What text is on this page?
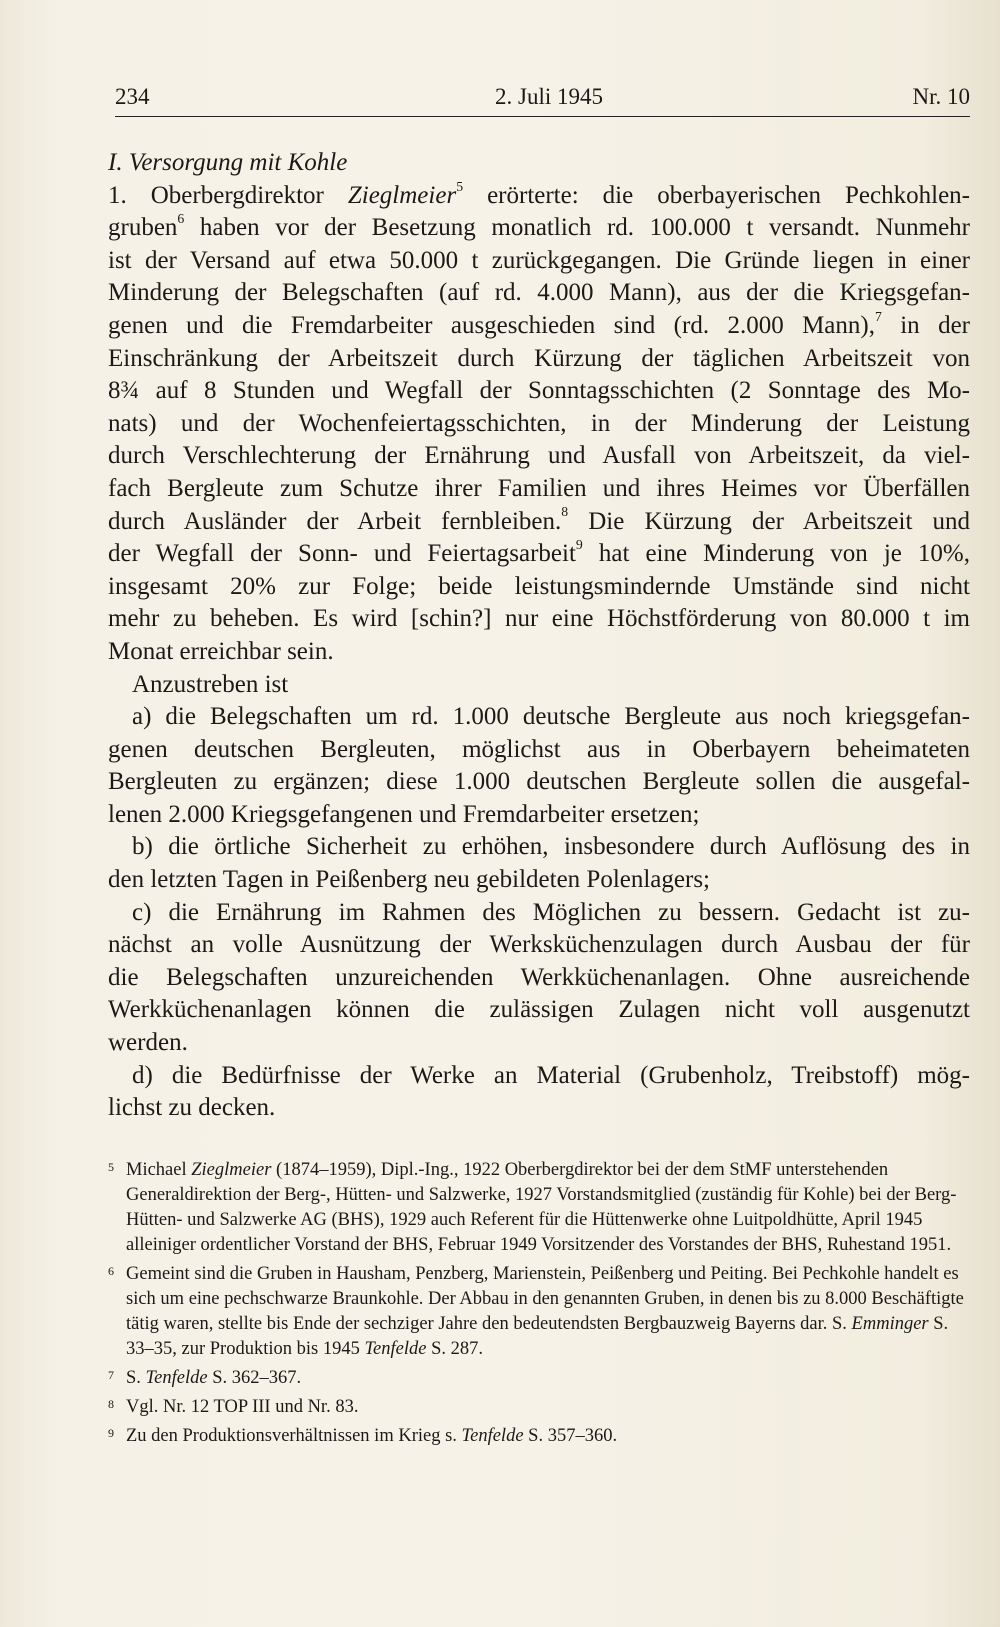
234	2. Juli 1945	Nr. 10
I. Versorgung mit Kohle
1. Oberbergdirektor Zieglmeier$^5$ erörterte: die oberbayerischen Pechkohlen-
gruben$^6$ haben vor der Besetzung monatlich rd. 100.000 t versandt. Nunmehr
ist der Versand auf etwa 50.000 t zurückgegangen. Die Gründe liegen in einer
Minderung der Belegschaften (auf rd. 4.000 Mann), aus der die Kriegsgefan-
genen und die Fremdarbeiter ausgeschieden sind (rd. 2.000 Mann),$^7$ in der
Einschränkung der Arbeitszeit durch Kürzung der täglichen Arbeitszeit von
8¾ auf 8 Stunden und Wegfall der Sonntagsschichten (2 Sonntage des Mo-
nats) und der Wochenfeiertagsschichten, in der Minderung der Leistung
durch Verschlechterung der Ernährung und Ausfall von Arbeitszeit, da viel-
fach Bergleute zum Schutze ihrer Familien und ihres Heimes vor Überfällen
durch Ausländer der Arbeit fernbleiben.$^8$ Die Kürzung der Arbeitszeit und
der Wegfall der Sonn- und Feiertagsarbeit$^9$ hat eine Minderung von je 10%,
insgesamt 20% zur Folge; beide leistungsmindernde Umstände sind nicht
mehr zu beheben. Es wird [schin?] nur eine Höchstförderung von 80.000 t im
Monat erreichbar sein.
Anzustreben ist
a) die Belegschaften um rd. 1.000 deutsche Bergleute aus noch kriegsgefan-
genen deutschen Bergleuten, möglichst aus in Oberbayern beheimateten
Bergleuten zu ergänzen; diese 1.000 deutschen Bergleute sollen die ausgefal-
lenen 2.000 Kriegsgefangenen und Fremdarbeiter ersetzen;
b) die örtliche Sicherheit zu erhöhen, insbesondere durch Auflösung des in
den letzten Tagen in Peißenberg neu gebildeten Polenlagers;
c) die Ernährung im Rahmen des Möglichen zu bessern. Gedacht ist zu-
nächst an volle Ausnützung der Werksküchenzulagen durch Ausbau der für
die Belegschaften unzureichenden Werkküchenanlagen. Ohne ausreichende
Werkküchenanlagen können die zulässigen Zulagen nicht voll ausgenutzt
werden.
d) die Bedürfnisse der Werke an Material (Grubenholz, Treibstoff) mög-
lichst zu decken.
5 Michael Zieglmeier (1874–1959), Dipl.-Ing., 1922 Oberbergdirektor bei der dem StMF unterstehenden Generaldirektion der Berg-, Hütten- und Salzwerke, 1927 Vorstandsmitglied (zuständig für Kohle) bei der Berg- Hütten- und Salzwerke AG (BHS), 1929 auch Referent für die Hüttenwerke ohne Luitpoldhütte, April 1945 alleiniger ordentlicher Vorstand der BHS, Februar 1949 Vorsitzender des Vorstandes der BHS, Ruhestand 1951.
6 Gemeint sind die Gruben in Hausham, Penzberg, Marienstein, Peißenberg und Peiting. Bei Pechkohle handelt es sich um eine pechschwarze Braunkohle. Der Abbau in den genannten Gruben, in denen bis zu 8.000 Beschäftigte tätig waren, stellte bis Ende der sechziger Jahre den bedeutendsten Bergbauzweig Bayerns dar. S. Emminger S. 33–35, zur Produktion bis 1945 Tenfelde S. 287.
7 S. Tenfelde S. 362–367.
8 Vgl. Nr. 12 TOP III und Nr. 83.
9 Zu den Produktionsverhältnissen im Krieg s. Tenfelde S. 357–360.
